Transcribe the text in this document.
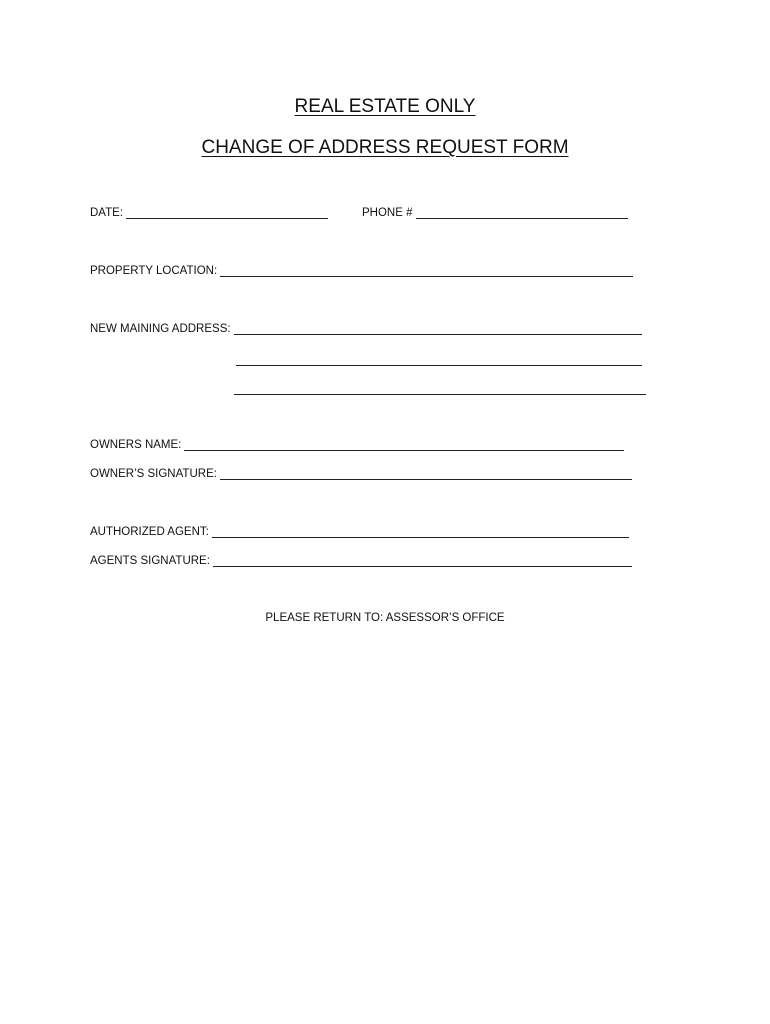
REAL ESTATE ONLY
CHANGE OF ADDRESS REQUEST FORM
DATE:	PHONE #
PROPERTY LOCATION:
NEW MAINING ADDRESS:
OWNERS NAME:
OWNER’S SIGNATURE:
AUTHORIZED AGENT:
AGENTS SIGNATURE:
PLEASE RETURN TO: ASSESSOR’S OFFICE
